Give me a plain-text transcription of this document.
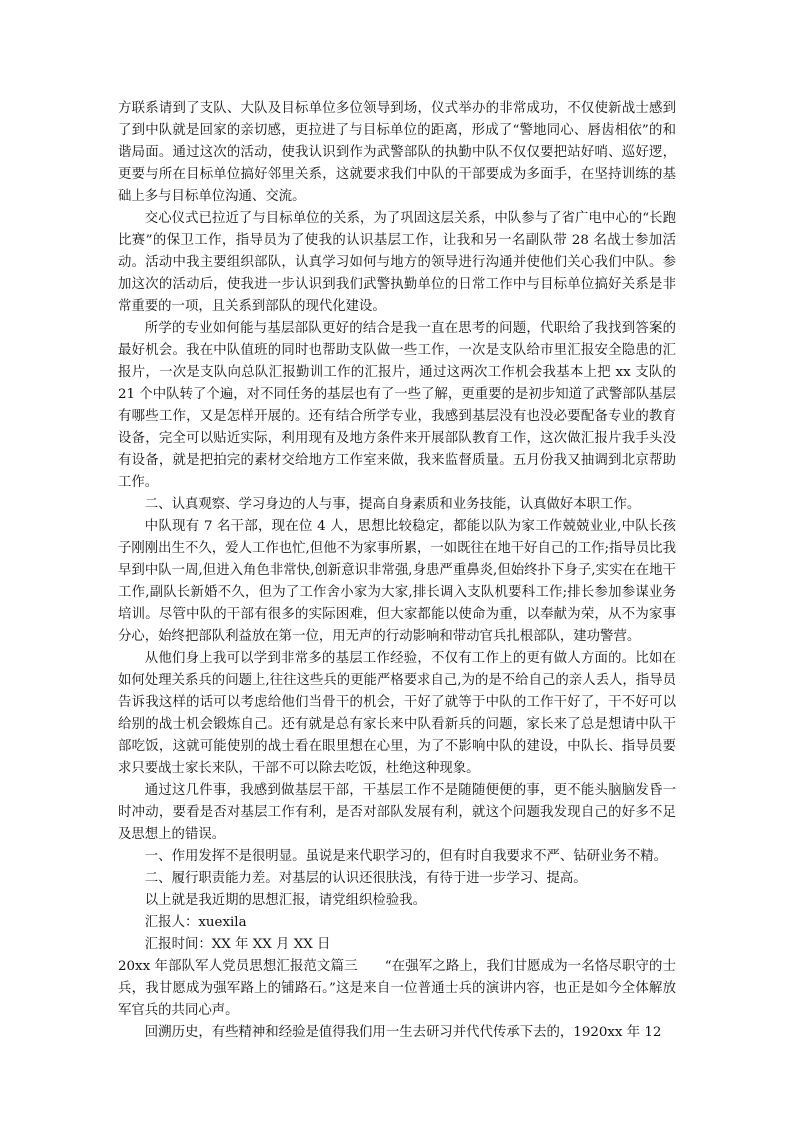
方联系请到了支队、大队及目标单位多位领导到场，仪式举办的非常成功，不仅使新战士感到了到中队就是回家的亲切感，更拉进了与目标单位的距离，形成了“警地同心、唇齿相依”的和谐局面。通过这次的活动，使我认识到作为武警部队的执勤中队不仅仅要把站好哨、巡好逻，更要与所在目标单位搞好邻里关系，这就要求我们中队的干部要成为多面手，在坚持训练的基础上多与目标单位沟通、交流。

交心仪式已拉近了与目标单位的关系，为了巩固这层关系，中队参与了省广电中心的“长跑比赛”的保卫工作，指导员为了使我的认识基层工作，让我和另一名副队带 28 名战士参加活动。活动中我主要组织部队，认真学习如何与地方的领导进行沟通并使他们关心我们中队。参加这次的活动后，使我进一步认识到我们武警执勤单位的日常工作中与目标单位搞好关系是非常重要的一项，且关系到部队的现代化建设。

所学的专业如何能与基层部队更好的结合是我一直在思考的问题，代职给了我找到答案的最好机会。我在中队值班的同时也帮助支队做一些工作，一次是支队给市里汇报安全隐患的汇报片，一次是支队向总队汇报勤训工作的汇报片，通过这两次工作机会我基本上把 xx 支队的 21 个中队转了个遍，对不同任务的基层也有了一些了解，更重要的是初步知道了武警部队基层有哪些工作，又是怎样开展的。还有结合所学专业，我感到基层没有也没必要配备专业的教育设备，完全可以贴近实际，利用现有及地方条件来开展部队教育工作，这次做汇报片我手头没有设备，就是把拍完的素材交给地方工作室来做，我来监督质量。五月份我又抽调到北京帮助工作。

二、认真观察、学习身边的人与事，提高自身素质和业务技能，认真做好本职工作。

中队现有 7 名干部，现在位 4 人，思想比较稳定，都能以队为家工作兢兢业业,中队长孩子刚刚出生不久，爱人工作也忙,但他不为家事所累，一如既往在地干好自己的工作;指导员比我早到中队一周,但进入角色非常快,创新意识非常强,身患严重鼻炎,但始终扑下身子,实实在在地干工作,副队长新婚不久，但为了工作舍小家为大家,排长调入支队机要科工作;排长参加参谋业务培训。尽管中队的干部有很多的实际困难，但大家都能以使命为重，以奉献为荣，从不为家事分心，始终把部队利益放在第一位，用无声的行动影响和带动官兵扎根部队，建功警营。

从他们身上我可以学到非常多的基层工作经验，不仅有工作上的更有做人方面的。比如在如何处理关系兵的问题上,往往这些兵的更能严格要求自己,为的是不给自己的亲人丢人，指导员告诉我这样的话可以考虑给他们当骨干的机会，干好了就等于中队的工作干好了，干不好可以给别的战士机会锻炼自己。还有就是总有家长来中队看新兵的问题，家长来了总是想请中队干部吃饭，这就可能使别的战士看在眼里想在心里，为了不影响中队的建设，中队长、指导员要求只要战士家长来队，干部不可以除去吃饭，杜绝这种现象。

通过这几件事，我感到做基层干部，干基层工作不是随随便便的事，更不能头脑脑发昏一时冲动，要看是否对基层工作有利，是否对部队发展有利，就这个问题我发现自己的好多不足及思想上的错误。

一、作用发挥不是很明显。虽说是来代职学习的，但有时自我要求不严、钻研业务不精。

二、履行职责能力差。对基层的认识还很肤浅，有待于进一步学习、提高。

以上就是我近期的思想汇报，请党组织检验我。

汇报人：xuexila

汇报时间：XX 年 XX 月 XX 日

20xx 年部队军人党员思想汇报范文篇三　　“在强军之路上，我们甘愿成为一名恪尽职守的士兵，我甘愿成为强军路上的铺路石。”这是来自一位普通士兵的演讲内容，也正是如今全体解放军官兵的共同心声。

回溯历史，有些精神和经验是值得我们用一生去研习并代代传承下去的，1920xx 年 12
